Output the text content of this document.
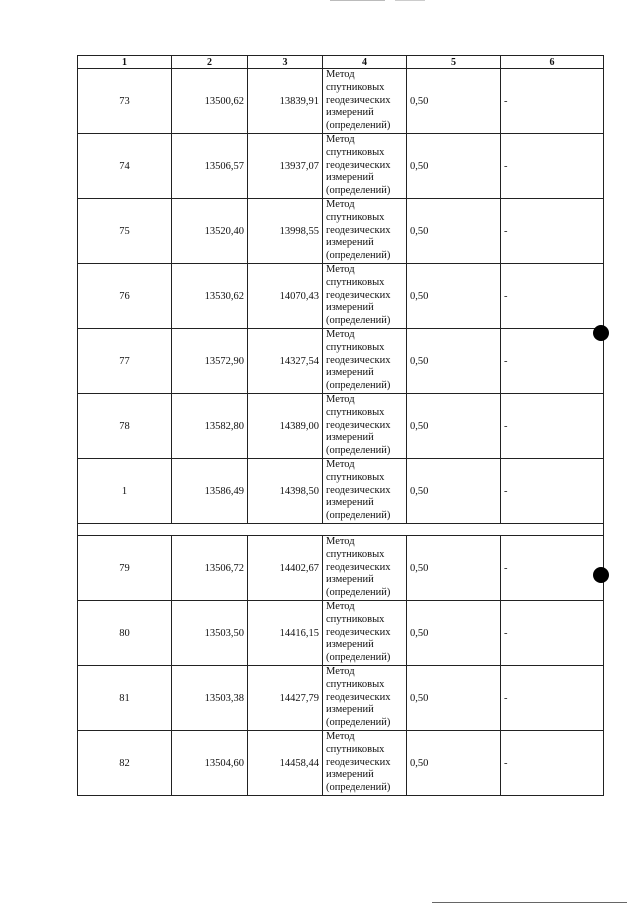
1	2	3	4	5	6
73	13500,62	13839,91	Метод
спутниковых
геодезических
измерений
(определений)	0,50	-
74	13506,57	13937,07	Метод
спутниковых
геодезических
измерений
(определений)	0,50	-
75	13520,40	13998,55	Метод
спутниковых
геодезических
измерений
(определений)	0,50	-
76	13530,62	14070,43	Метод
спутниковых
геодезических
измерений
(определений)	0,50	-
77	13572,90	14327,54	Метод
спутниковых
геодезических
измерений
(определений)	0,50	-
78	13582,80	14389,00	Метод
спутниковых
геодезических
измерений
(определений)	0,50	-
1	13586,49	14398,50	Метод
спутниковых
геодезических
измерений
(определений)	0,50	-

79	13506,72	14402,67	Метод
спутниковых
геодезических
измерений
(определений)	0,50	-
80	13503,50	14416,15	Метод
спутниковых
геодезических
измерений
(определений)	0,50	-
81	13503,38	14427,79	Метод
спутниковых
геодезических
измерений
(определений)	0,50	-
82	13504,60	14458,44	Метод
спутниковых
геодезических
измерений
(определений)	0,50	-
